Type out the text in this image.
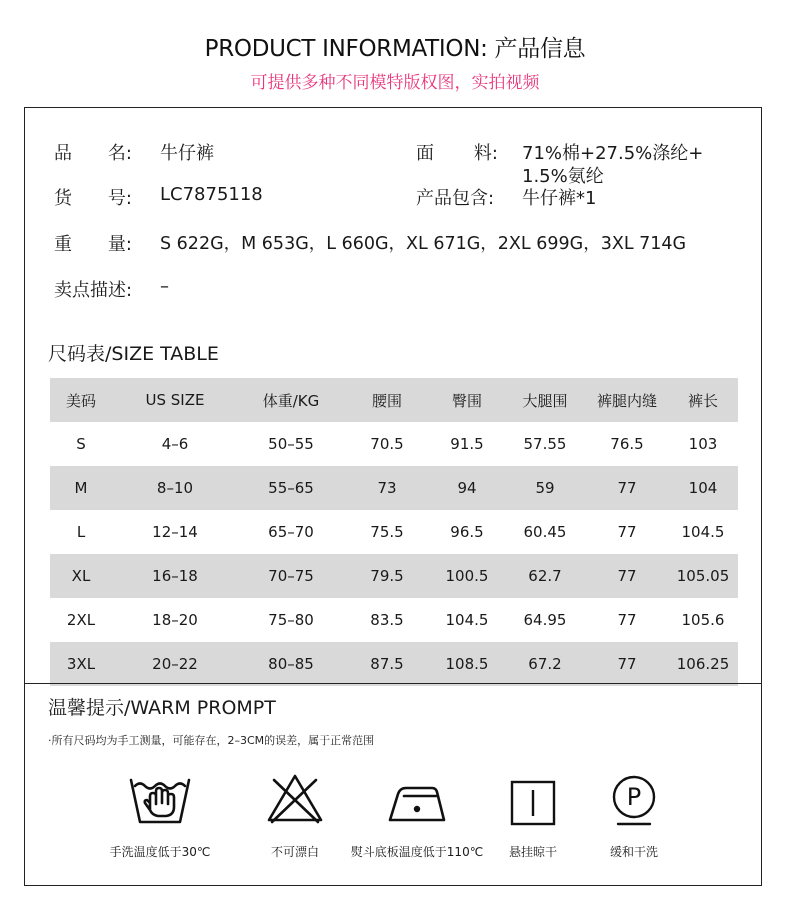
PRODUCT INFORMATION: 产品信息
可提供多种不同模特版权图，实拍视频
品 名: 牛仔裤	面 料: 71%棉+27.5%涤纶+
1.5%氨纶
货 号: LC7875118	产品包含: 牛仔裤*1
重 量: S 622G，M 653G，L 660G，XL 671G，2XL 699G，3XL 714G
卖点描述: –
尺码表/SIZE TABLE
美码	US SIZE	体重/KG	腰围	臀围	大腿围	裤腿内缝	裤长
S	4–6	50–55	70.5	91.5	57.55	76.5	103
M	8–10	55–65	73	94	59	77	104
L	12–14	65–70	75.5	96.5	60.45	77	104.5
XL	16–18	70–75	79.5	100.5	62.7	77	105.05
2XL	18–20	75–80	83.5	104.5	64.95	77	105.6
3XL	20–22	80–85	87.5	108.5	67.2	77	106.25
温馨提示/WARM PROMPT
·所有尺码均为手工测量，可能存在，2–3CM的误差，属于正常范围
手洗温度低于30℃	不可漂白	熨斗底板温度低于110℃	悬挂晾干
P
缓和干洗
